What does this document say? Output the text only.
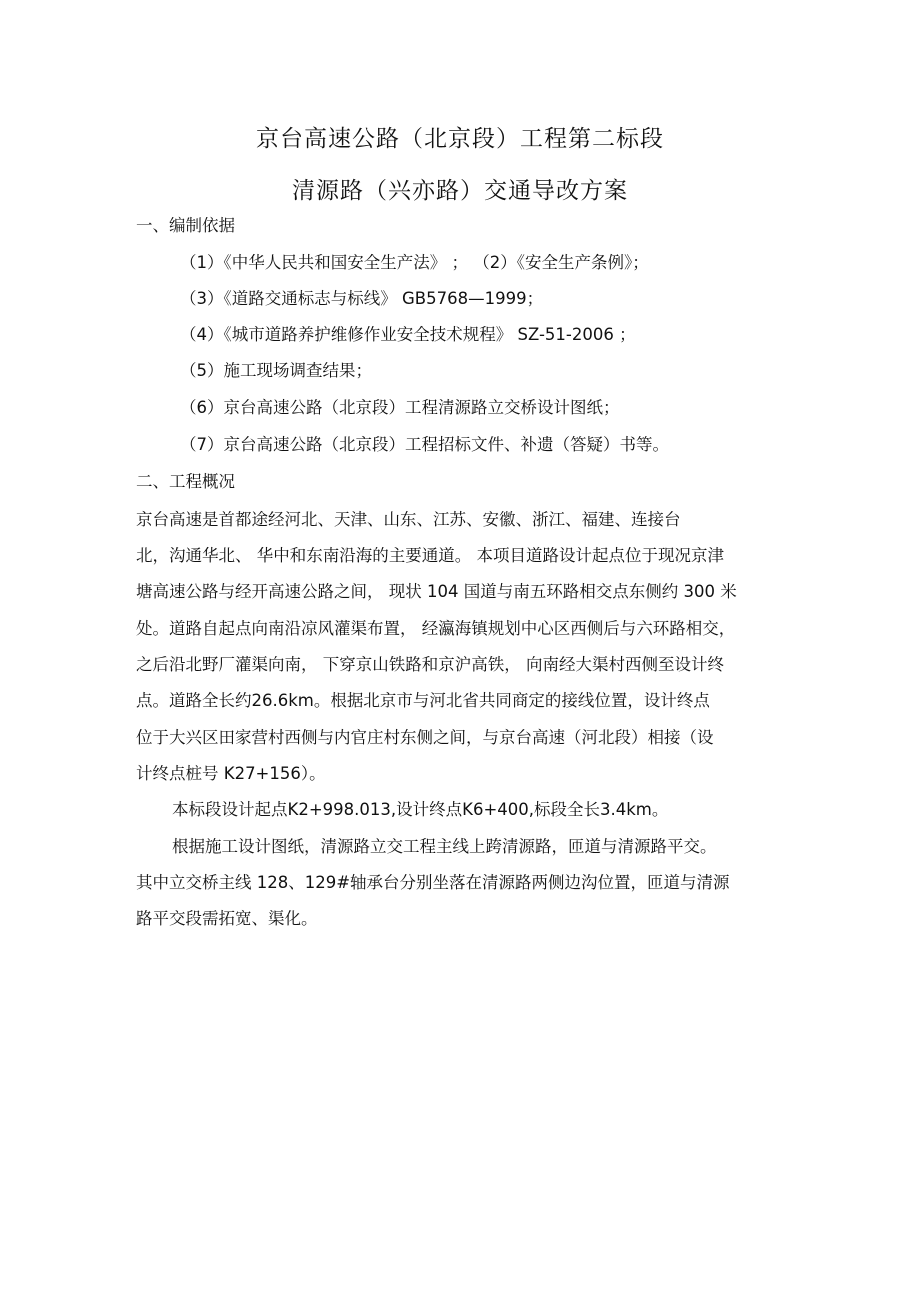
京台高速公路（北京段）工程第二标段
清源路（兴亦路）交通导改方案
一、编制依据
（1）《中华人民共和国安全生产法》 ； （2）《安全生产条例》；
（3）《道路交通标志与标线》 GB5768—1999；
（4）《城市道路养护维修作业安全技术规程》 SZ-51-2006 ；
（5）施工现场调查结果；
（6）京台高速公路（北京段）工程清源路立交桥设计图纸；
（7）京台高速公路（北京段）工程招标文件、补遗（答疑）书等。
二、工程概况
京台高速是首都途经河北、天津、山东、江苏、安徽、浙江、福建、连接台
北，沟通华北、 华中和东南沿海的主要通道。 本项目道路设计起点位于现况京津
塘高速公路与经开高速公路之间， 现状 104 国道与南五环路相交点东侧约 300 米
处。道路自起点向南沿凉风灌渠布置， 经瀛海镇规划中心区西侧后与六环路相交，
之后沿北野厂灌渠向南， 下穿京山铁路和京沪高铁， 向南经大渠村西侧至设计终
点。道路全长约26.6km。根据北京市与河北省共同商定的接线位置，设计终点
位于大兴区田家营村西侧与内官庄村东侧之间，与京台高速（河北段）相接（设
计终点桩号 K27+156）。
本标段设计起点K2+998.013,设计终点K6+400,标段全长3.4km。
根据施工设计图纸，清源路立交工程主线上跨清源路，匝道与清源路平交。
其中立交桥主线 128、129#轴承台分别坐落在清源路两侧边沟位置，匝道与清源
路平交段需拓宽、渠化。
